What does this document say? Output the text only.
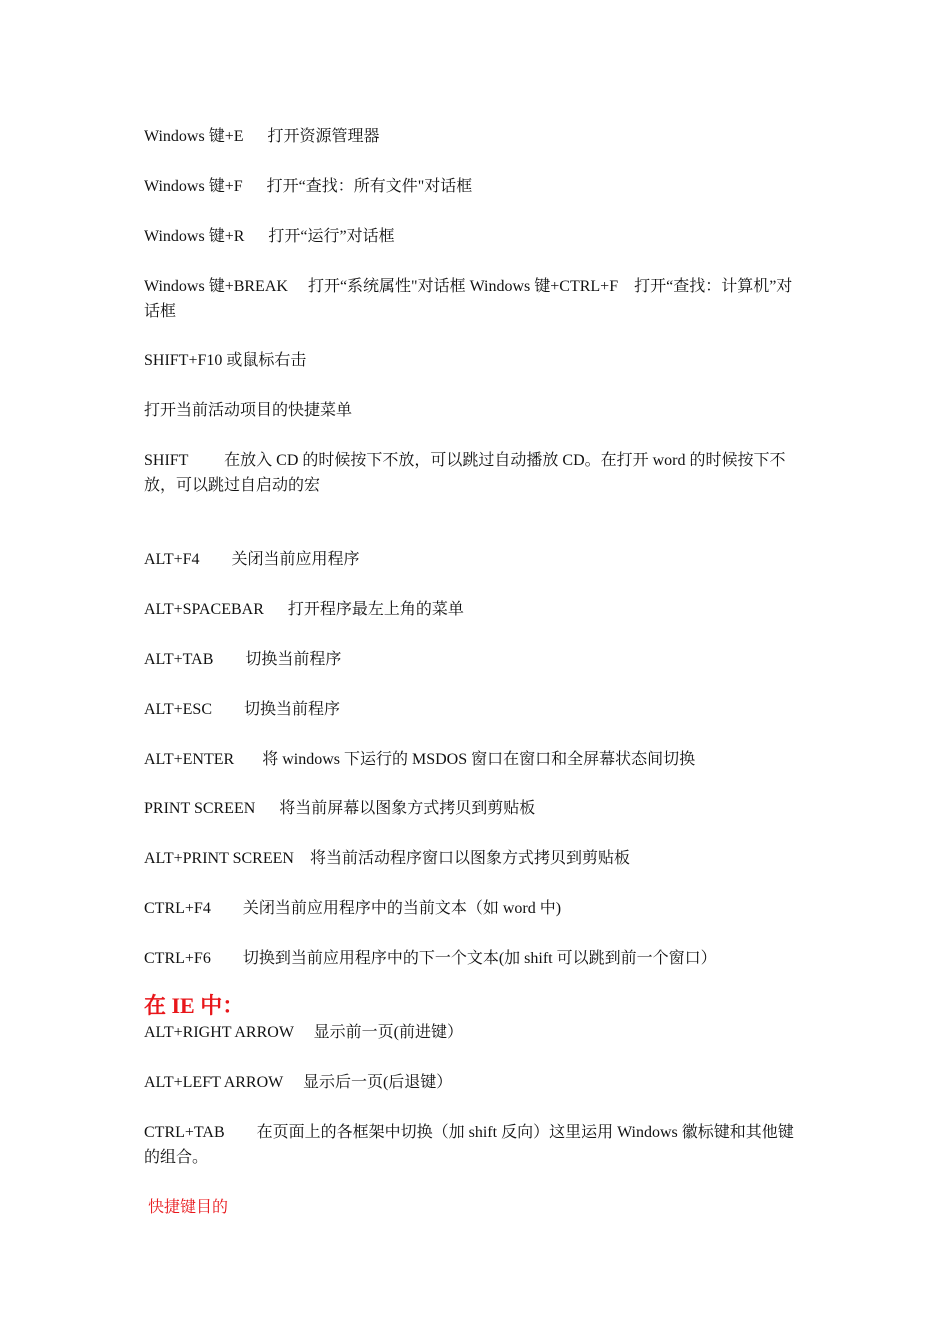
Windows 键+E      打开资源管理器

Windows 键+F      打开“查找：所有文件"对话框

Windows 键+R      打开“运行”对话框

Windows 键+BREAK     打开“系统属性"对话框 Windows 键+CTRL+F    打开“查找：计算机”对话框

SHIFT+F10 或鼠标右击

打开当前活动项目的快捷菜单

SHIFT         在放入 CD 的时候按下不放，可以跳过自动播放 CD。在打开 word 的时候按下不放，可以跳过自启动的宏

ALT+F4        关闭当前应用程序

ALT+SPACEBAR      打开程序最左上角的菜单

ALT+TAB        切换当前程序

ALT+ESC        切换当前程序

ALT+ENTER       将 windows 下运行的 MSDOS 窗口在窗口和全屏幕状态间切换

PRINT SCREEN      将当前屏幕以图象方式拷贝到剪贴板

ALT+PRINT SCREEN    将当前活动程序窗口以图象方式拷贝到剪贴板

CTRL+F4        关闭当前应用程序中的当前文本（如 word 中)

CTRL+F6        切换到当前应用程序中的下一个文本(加 shift 可以跳到前一个窗口）

在 IE 中：

ALT+RIGHT ARROW     显示前一页(前进键）

ALT+LEFT ARROW     显示后一页(后退键）

CTRL+TAB        在页面上的各框架中切换（加 shift 反向）这里运用 Windows 徽标键和其他键的组合。

快捷键目的
